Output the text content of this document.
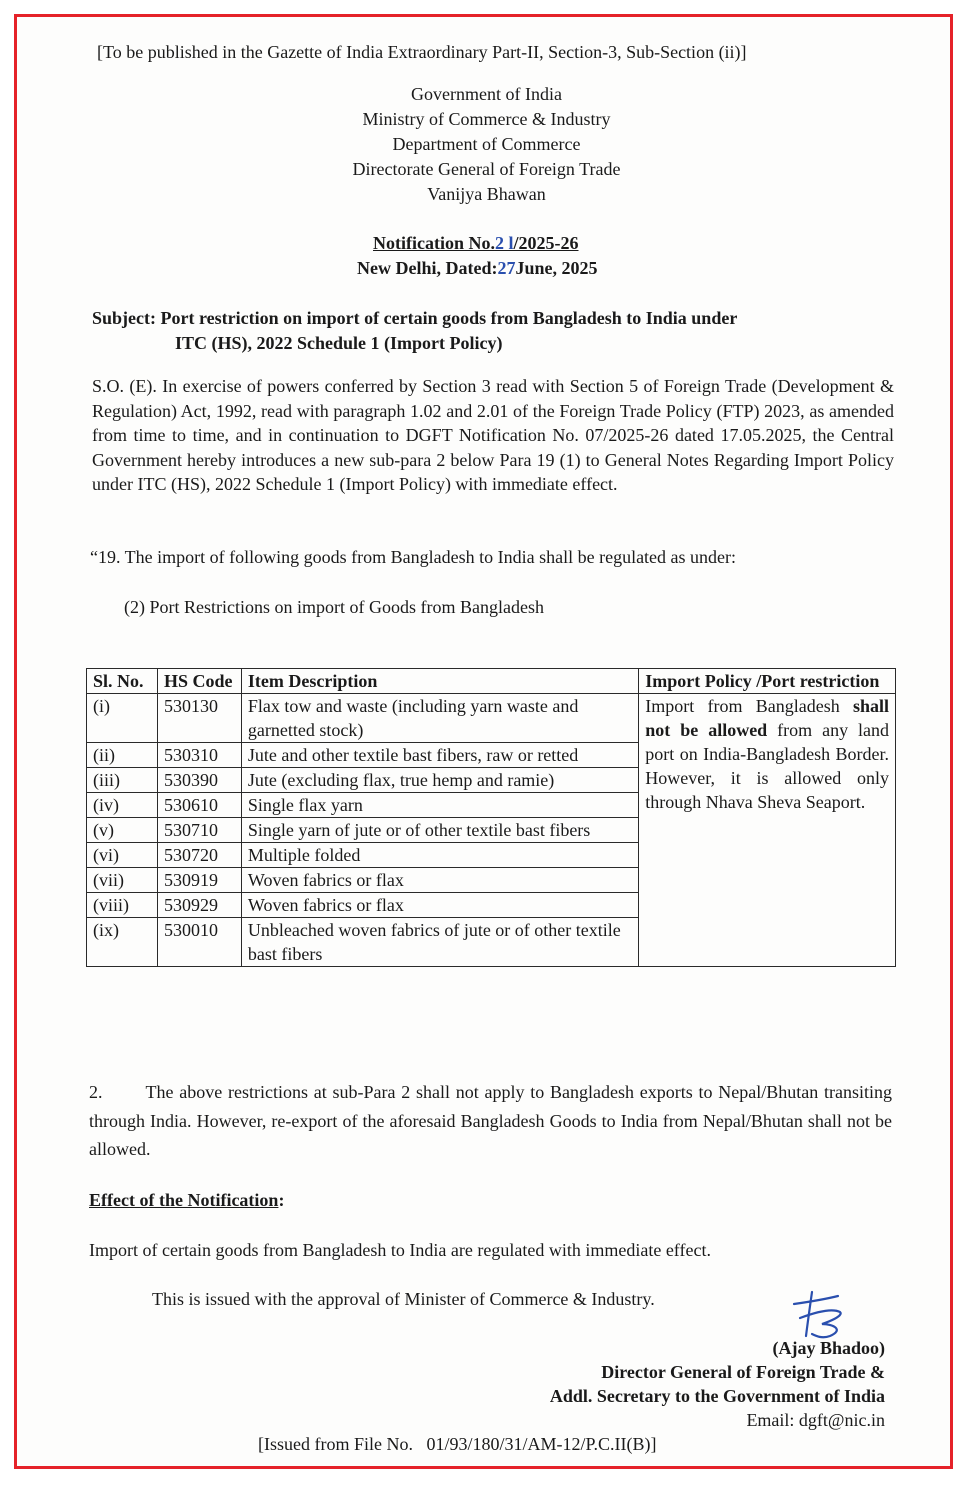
[To be published in the Gazette of India Extraordinary Part-II, Section-3, Sub-Section (ii)]
Government of India
Ministry of Commerce & Industry
Department of Commerce
Directorate General of Foreign Trade
Vanijya Bhawan
Notification No.2 l/2025-26
New Delhi, Dated:27June, 2025
Subject: Port restriction on import of certain goods from Bangladesh to India under
ITC (HS), 2022 Schedule 1 (Import Policy)
S.O. (E). In exercise of powers conferred by Section 3 read with Section 5 of Foreign Trade (Development & Regulation) Act, 1992, read with paragraph 1.02 and 2.01 of the Foreign Trade Policy (FTP) 2023, as amended from time to time, and in continuation to DGFT Notification No. 07/2025-26 dated 17.05.2025, the Central Government hereby introduces a new sub-para 2 below Para 19 (1) to General Notes Regarding Import Policy under ITC (HS), 2022 Schedule 1 (Import Policy) with immediate effect.
“19. The import of following goods from Bangladesh to India shall be regulated as under:
(2) Port Restrictions on import of Goods from Bangladesh
Sl. No.	HS Code	Item Description	Import Policy /Port restriction
(i)	530130	Flax tow and waste (including yarn waste and garnetted stock)	Import from Bangladesh shall not be allowed from any land port on India-Bangladesh Border. However, it is allowed only through Nhava Sheva Seaport.
(ii)	530310	Jute and other textile bast fibers, raw or retted	
(iii)	530390	Jute (excluding flax, true hemp and ramie)	
(iv)	530610	Single flax yarn	
(v)	530710	Single yarn of jute or of other textile bast fibers	
(vi)	530720	Multiple folded	
(vii)	530919	Woven fabrics or flax	
(viii)	530929	Woven fabrics or flax	
(ix)	530010	Unbleached woven fabrics of jute or of other textile bast fibers	
2. The above restrictions at sub-Para 2 shall not apply to Bangladesh exports to Nepal/Bhutan transiting through India. However, re-export of the aforesaid Bangladesh Goods to India from Nepal/Bhutan shall not be allowed.
Effect of the Notification:
Import of certain goods from Bangladesh to India are regulated with immediate effect.
This is issued with the approval of Minister of Commerce & Industry.
(Ajay Bhadoo)
Director General of Foreign Trade &
Addl. Secretary to the Government of India
Email: dgft@nic.in
[Issued from File No.   01/93/180/31/AM-12/P.C.II(B)]
